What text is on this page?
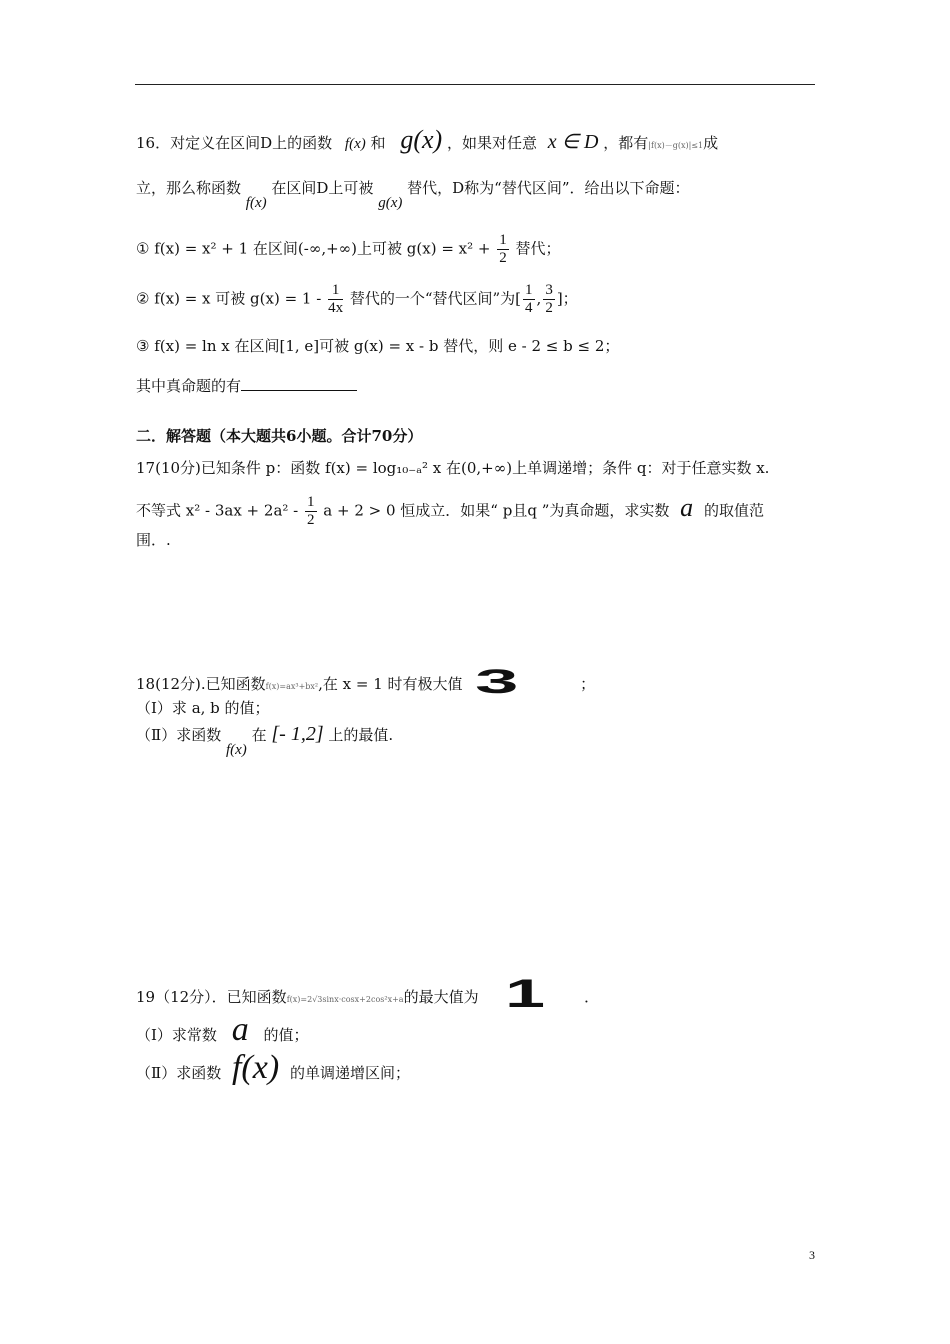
16．对定义在区间D上的函数 f(x) 和 g(x) ，如果对任意 x ∈ D ，都有|f(x)－g(x)|≤1成
立，那么称函数 f(x) 在区间D上可被 g(x) 替代，D称为“替代区间”．给出以下命题：
① f(x) = x² + 1 在区间(-∞,+∞)上可被 $g(x) = x^2 + \frac{1}{2}$ 替代；
② f(x) = x 可被 $g(x) = 1 - \frac{1}{4x}$ 替代的一个“替代区间”为[ $\frac{1}{4}$ , $\frac{3}{2}$ ]；
③ f(x) = ln x 在区间[1, e]可被 g(x) = x - b 替代，则 e - 2 ≤ b ≤ 2；
其中真命题的有
二．解答题（本大题共6小题。合计70分）
17(10分)已知条件 p：函数 f(x) = log₁₀₋ₐ² x 在(0,+∞)上单调递增；条件 q：对于任意实数 x.
不等式 $x^2 - 3ax + 2a^2 - \frac{1}{2}$ a + 2 > 0 恒成立．如果“ p且q ”为真命题，求实数 a 的取值范
围．.
18(12分).已知函数f(x)=ax³+bx²,在 x = 1 时有极大值 3	；
（Ⅰ）求 a, b 的值；
（Ⅱ）求函数 f(x) 在 [- 1,2] 上的最值.
19（12分）．已知函数f(x)=2√3sinx·cosx+2cos²x+a的最大值为 1	．
（Ⅰ）求常数 a 的值；
（Ⅱ）求函数 f(x) 的单调递增区间；
3
